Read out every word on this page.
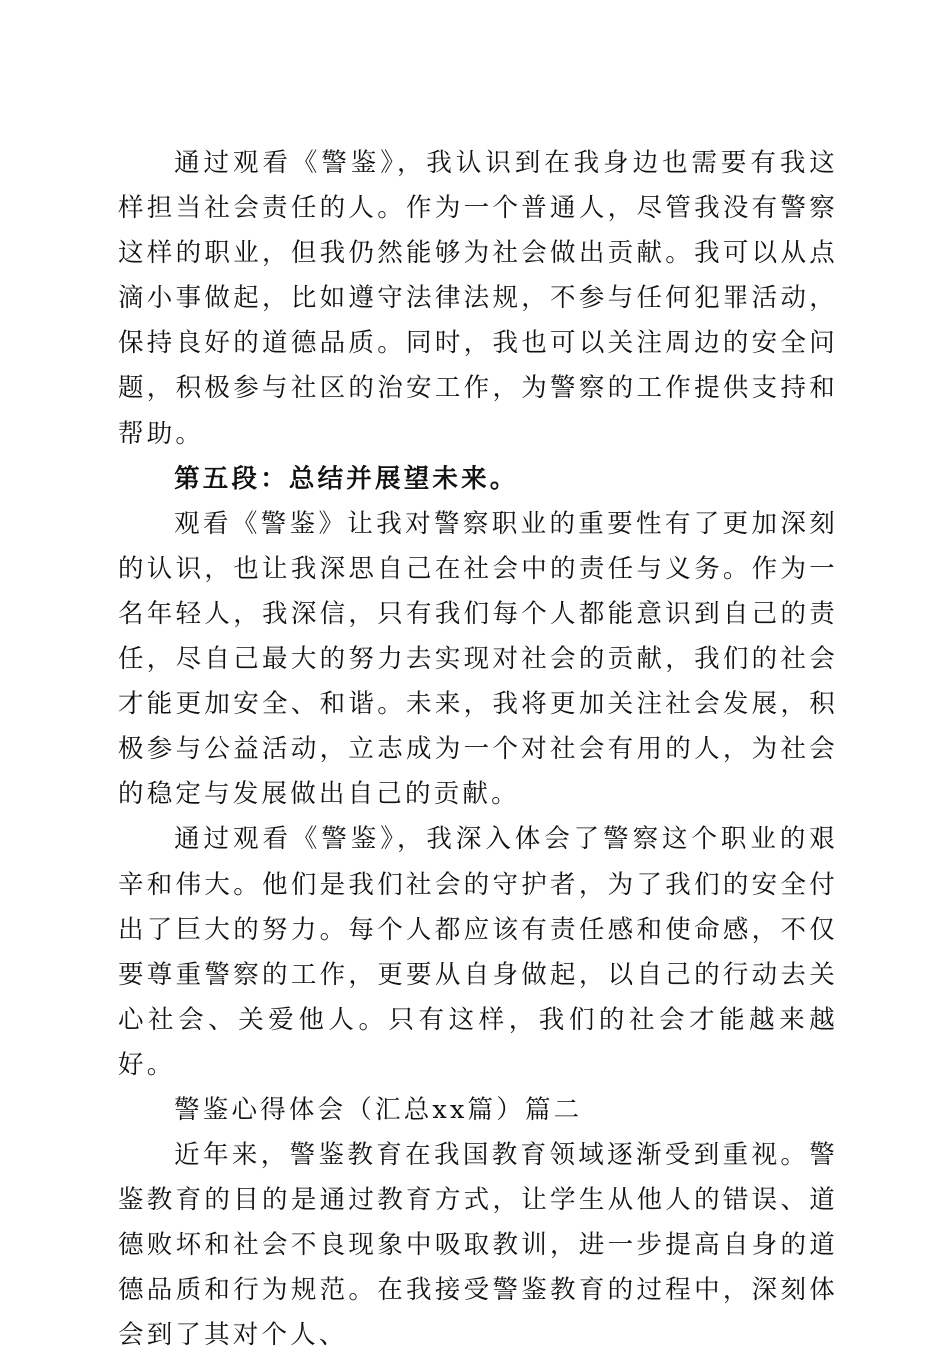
通过观看《警鉴》，我认识到在我身边也需要有我这样担当社会责任的人。作为一个普通人，尽管我没有警察这样的职业，但我仍然能够为社会做出贡献。我可以从点滴小事做起，比如遵守法律法规，不参与任何犯罪活动，保持良好的道德品质。同时，我也可以关注周边的安全问题，积极参与社区的治安工作，为警察的工作提供支持和帮助。

第五段：总结并展望未来。

观看《警鉴》让我对警察职业的重要性有了更加深刻的认识，也让我深思自己在社会中的责任与义务。作为一名年轻人，我深信，只有我们每个人都能意识到自己的责任，尽自己最大的努力去实现对社会的贡献，我们的社会才能更加安全、和谐。未来，我将更加关注社会发展，积极参与公益活动，立志成为一个对社会有用的人，为社会的稳定与发展做出自己的贡献。

通过观看《警鉴》，我深入体会了警察这个职业的艰辛和伟大。他们是我们社会的守护者，为了我们的安全付出了巨大的努力。每个人都应该有责任感和使命感，不仅要尊重警察的工作，更要从自身做起，以自己的行动去关心社会、关爱他人。只有这样，我们的社会才能越来越好。

警鉴心得体会（汇总xx篇）篇二

近年来，警鉴教育在我国教育领域逐渐受到重视。警鉴教育的目的是通过教育方式，让学生从他人的错误、道德败坏和社会不良现象中吸取教训，进一步提高自身的道德品质和行为规范。在我接受警鉴教育的过程中，深刻体会到了其对个人、
